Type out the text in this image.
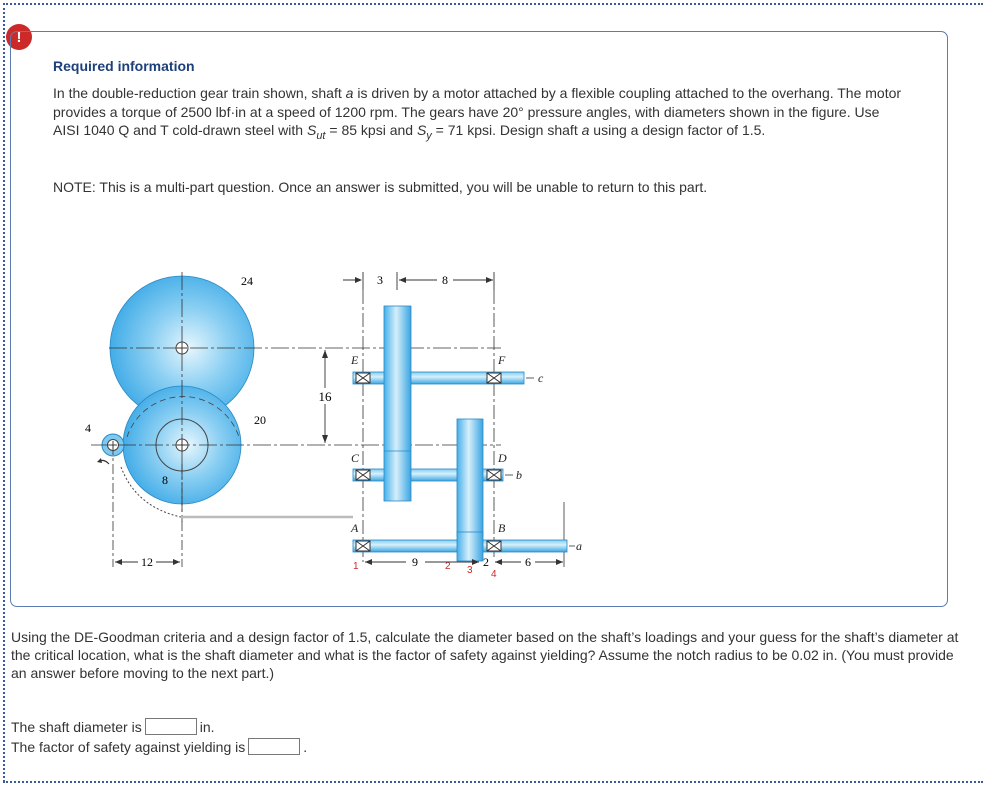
!
Required information
In the double-reduction gear train shown, shaft a is driven by a motor attached by a flexible coupling attached to the overhang. The motor provides a torque of 2500 lbf·in at a speed of 1200 rpm. The gears have 20° pressure angles, with diameters shown in the figure. Use AISI 1040 Q and T cold-drawn steel with $S_{ut} = 85$ kpsi and $S_y = 71$ kpsi. Design shaft a using a design factor of 1.5.
NOTE: This is a multi-part question. Once an answer is submitted, you will be unable to return to this part.
12
4
8
24
20
16
3	8
E	F
C	D
A	B
c
b
a
1	2 3 4
9	2	6
Using the DE-Goodman criteria and a design factor of 1.5, calculate the diameter based on the shaft’s loadings and your guess for the shaft’s diameter at the critical location, what is the shaft diameter and what is the factor of safety against yielding? Assume the notch radius to be 0.02 in. (You must provide an answer before moving to the next part.)
The shaft diameter is	in.
The factor of safety against yielding is	.
